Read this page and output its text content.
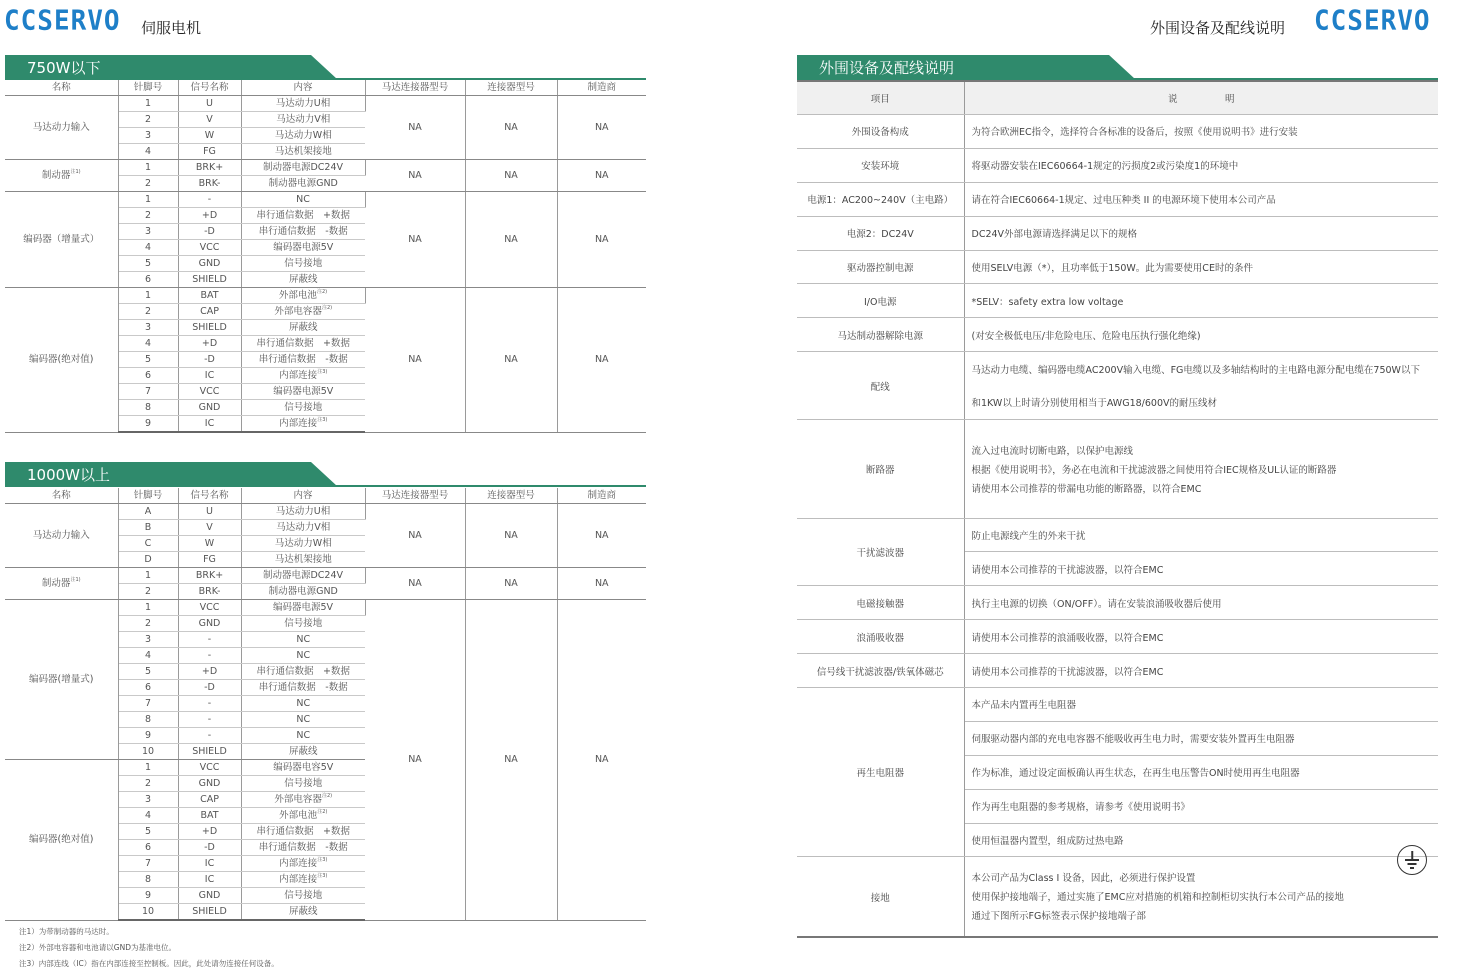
CCSERVO 伺服电机	外围设备及配线说明 CCSERVO
750W以下
1000W以上
名称	针脚号	信号名称	内容	马达连接器型号	连接器型号	制造商
马达动力输入	1	U	马达动力U相	NA	NA	NA
	2	V	马达动力V相			
	3	W	马达动力W相			
	4	FG	马达机架接地			
制动器$^{注1)}$	1	BRK+	制动器电源DC24V	NA	NA	NA
	2	BRK-	制动器电源GND			
编码器（增量式）	1	-	NC	NA	NA	NA
	2	+D	串行通信数据　+数据			
	3	-D	串行通信数据　-数据			
	4	VCC	编码器电源5V			
	5	GND	信号接地			
	6	SHIELD	屏蔽线			
编码器(绝对值)	1	BAT	外部电池$^{注2)}$	NA	NA	NA
	2	CAP	外部电容器$^{注2)}$
	3	SHIELD	屏蔽线			
	4	+D	串行通信数据　+数据			
	5	-D	串行通信数据　-数据			
	6	IC	内部连接$^{注3)}$
	7	VCC	编码器电源5V			
	8	GND	信号接地			
	9	IC	内部连接$^{注3)}$
名称	针脚号	信号名称	内容	马达连接器型号	连接器型号	制造商
马达动力输入	A	U	马达动力U相	NA	NA	NA
	B	V	马达动力V相			
	C	W	马达动力W相			
	D	FG	马达机架接地			
制动器$^{注1)}$	1	BRK+	制动器电源DC24V	NA	NA	NA
	2	BRK-	制动器电源GND			
编码器(增量式)	1	VCC	编码器电源5V	NA	NA	NA
	2	GND	信号接地			
	3	-	NC			
	4	-	NC			
	5	+D	串行通信数据　+数据			
	6	-D	串行通信数据　-数据			
	7	-	NC			
	8	-	NC			
	9	-	NC			
	10	SHIELD	屏蔽线			
编码器(绝对值)	1	VCC	编码器电容5V			
	2	GND	信号接地			
	3	CAP	外部电容器$^{注2)}$
	4	BAT	外部电池$^{注2)}$
	5	+D	串行通信数据　+数据			
	6	-D	串行通信数据　-数据			
	7	IC	内部连接$^{注3)}$
	8	IC	内部连接$^{注3)}$
	9	GND	信号接地			
	10	SHIELD	屏蔽线			
注1）为带制动器的马达时。
注2）外部电容器和电池请以GND为基准电位。
注3）内部连线（IC）指在内部连接至控制板。因此，此处请勿连接任何设备。
外围设备及配线说明
项目	说　　　　　明
外围设备构成	为符合欧洲EC指令，选择符合各标准的设备后，按照《使用说明书》进行安装
安装环境	将驱动器安装在IEC60664-1规定的污损度2或污染度1的环境中
电源1：AC200~240V（主电路）	请在符合IEC60664-1规定、过电压种类 II 的电源环境下使用本公司产品
电源2：DC24V	DC24V外部电源请选择满足以下的规格
驱动器控制电源	使用SELV电源（*），且功率低于150W。此为需要使用CE时的条件
I/O电源	*SELV：safety extra low voltage
马达制动器解除电源	(对安全极低电压/非危险电压、危险电压执行强化绝缘)
配线	马达动力电缆、编码器电缆AC200V输入电缆、FG电缆以及多轴结构时的主电路电源分配电缆在750W以下
	和1KW以上时请分别使用相当于AWG18/600V的耐压线材
断路器	流入过电流时切断电路，以保护电源线
	根据《使用说明书》，务必在电流和干扰滤波器之间使用符合IEC规格及UL认证的断路器
	请使用本公司推荐的带漏电功能的断路器，以符合EMC
干扰滤波器	防止电源线产生的外来干扰
	请使用本公司推荐的干扰滤波器，以符合EMC
电磁接触器	执行主电源的切换（ON/OFF）。请在安装浪涌吸收器后使用
浪涌吸收器	请使用本公司推荐的浪涌吸收器，以符合EMC
信号线干扰滤波器/铁氧体磁芯	请使用本公司推荐的干扰滤波器，以符合EMC
再生电阻器	本产品未内置再生电阻器
	伺服驱动器内部的充电电容器不能吸收再生电力时，需要安装外置再生电阻器
	作为标准，通过设定面板确认再生状态，在再生电压警告ON时使用再生电阻器
	作为再生电阻器的参考规格，请参考《使用说明书》
	使用恒温器内置型，组成防过热电路
接地	本公司产品为Class I 设备，因此，必须进行保护设置
	使用保护接地端子，通过实施了EMC应对措施的机箱和控制柜切实执行本公司产品的接地
	通过下图所示FG标签表示保护接地端子部
